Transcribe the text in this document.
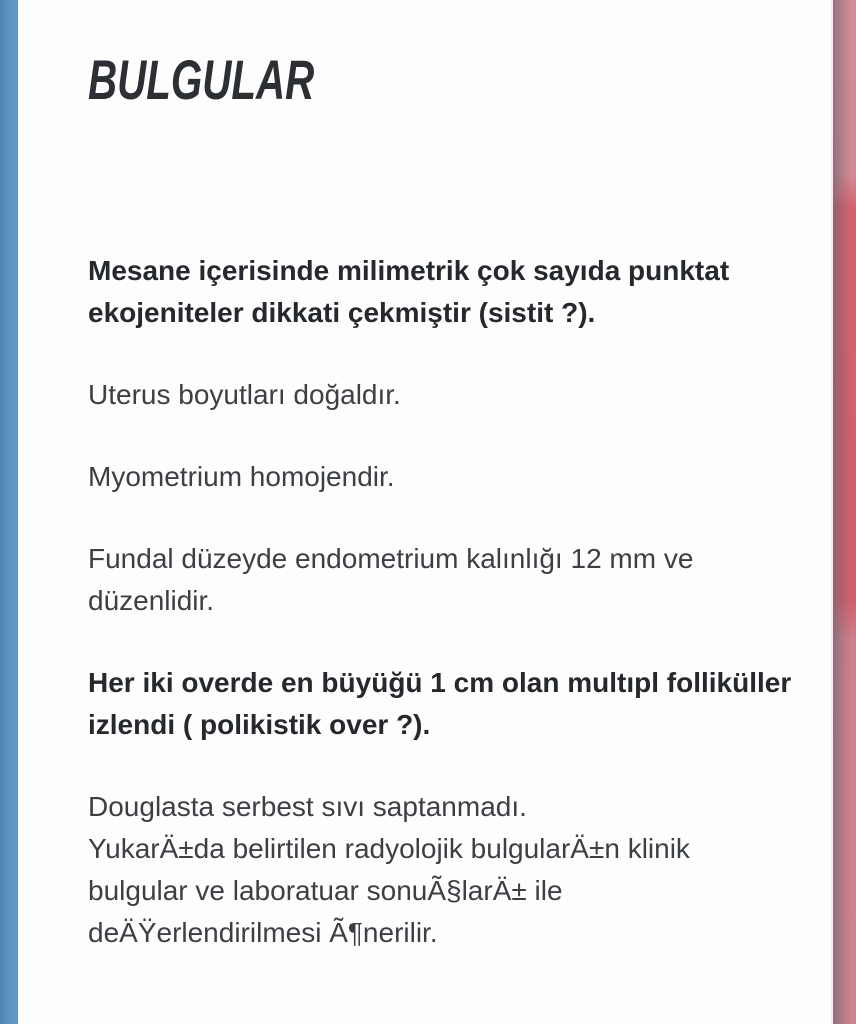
BULGULAR
Mesane içerisinde milimetrik çok sayıda punktat
ekojeniteler dikkati çekmiştir (sistit ?).
Uterus boyutları doğaldır.
Myometrium homojendir.
Fundal düzeyde endometrium kalınlığı 12 mm ve
düzenlidir.
Her iki overde en büyüğü 1 cm olan multıpl folliküller
izlendi ( polikistik over ?).
Douglasta serbest sıvı saptanmadı.
YukarÄ±da belirtilen radyolojik bulgularÄ±n klinik
bulgular ve laboratuar sonuÃ§larÄ± ile
deÄŸerlendirilmesi Ã¶nerilir.
